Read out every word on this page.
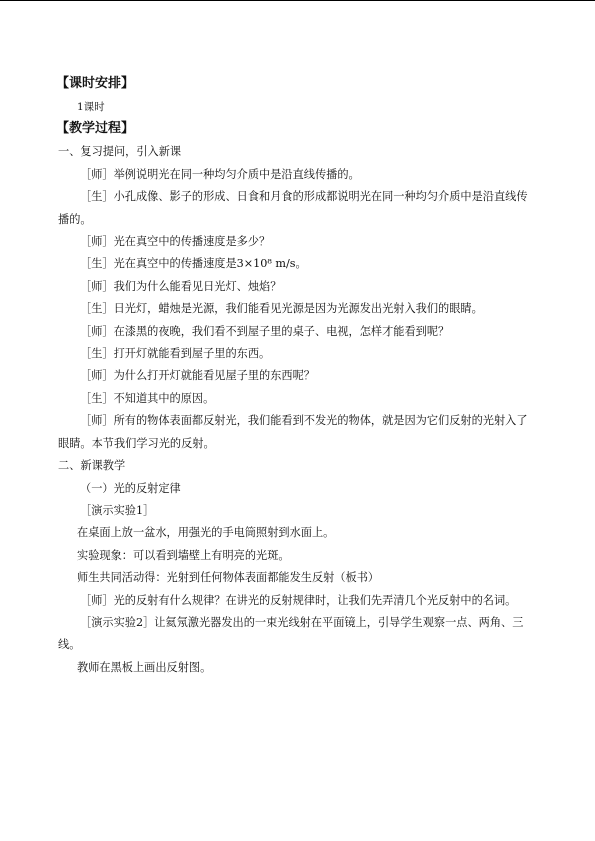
【课时安排】

1课时

【教学过程】

一、复习提问，引入新课

［师］举例说明光在同一种均匀介质中是沿直线传播的。

［生］小孔成像、影子的形成、日食和月食的形成都说明光在同一种均匀介质中是沿直线传播的。

［师］光在真空中的传播速度是多少？

［生］光在真空中的传播速度是3×10⁸ m/s。

［师］我们为什么能看见日光灯、烛焰？

［生］日光灯，蜡烛是光源，我们能看见光源是因为光源发出光射入我们的眼睛。

［师］在漆黑的夜晚，我们看不到屋子里的桌子、电视，怎样才能看到呢？

［生］打开灯就能看到屋子里的东西。

［师］为什么打开灯就能看见屋子里的东西呢？

［生］不知道其中的原因。

［师］所有的物体表面都反射光，我们能看到不发光的物体，就是因为它们反射的光射入了眼睛。本节我们学习光的反射。

二、新课教学

（一）光的反射定律

［演示实验1］

在桌面上放一盆水，用强光的手电筒照射到水面上。

实验现象：可以看到墙壁上有明亮的光斑。

师生共同活动得：光射到任何物体表面都能发生反射（板书）

［师］光的反射有什么规律？在讲光的反射规律时，让我们先弄清几个光反射中的名词。

［演示实验2］让氦氖激光器发出的一束光线射在平面镜上，引导学生观察一点、两角、三线。

教师在黑板上画出反射图。
